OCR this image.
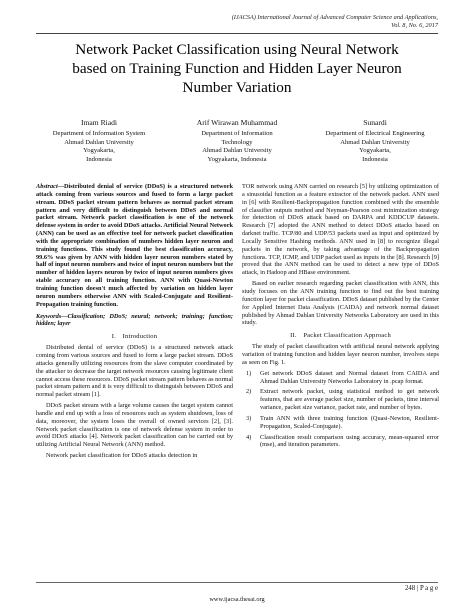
(IJACSA) International Journal of Advanced Computer Science and Applications,
Vol. 8, No. 6, 2017
Network Packet Classification using Neural Network
based on Training Function and Hidden Layer Neuron
Number Variation
Imam Riadi
Department of Information System
Ahmad Dahlan University
Yogyakarta,
Indonesia
Arif Wirawan Muhammad
Department of Information
Technology
Ahmad Dahlan University
Yogyakarta, Indonesia
Sunardi
Department of Electrical Engineering
Ahmad Dahlan University
Yogyakarta,
Indonesia

Abstract—Distributed denial of service (DDoS) is a structured network attack coming from various sources and fused to form a large packet stream. DDoS packet stream pattern behaves as normal packet stream pattern and very difficult to distinguish between DDoS and normal packet stream. Network packet classification is one of the network defense system in order to avoid DDoS attacks. Artificial Neural Network (ANN) can be used as an effective tool for network packet classification with the appropriate combination of numbers hidden layer neuron and training functions. This study found the best classification accuracy, 99.6% was given by ANN with hidden layer neuron numbers stated by half of input neuron numbers and twice of input neuron numbers but the number of hidden layers neuron by twice of input neuron numbers gives stable accuracy on all training function. ANN with Quasi-Newton training function doesn't much affected by variation on hidden layer neuron numbers otherwise ANN with Scaled-Conjugate and Resilient-Propagation training function.

Keywords—Classification; DDoS; neural; network; training; function; hidden; layer

I. Introduction

Distributed denial of service (DDoS) is a structured network attack coming from various sources and fused to form a large packet stream. DDoS attacks generally utilizing resources from the slave computer coordinated by the attacker to decrease the target network resources causing legitimate client cannot access these resources. DDoS packet stream pattern behaves as normal packet stream pattern and it is very difficult to distinguish between DDoS and normal packet stream [1].

DDoS packet stream with a large volume causes the target system cannot handle and end up with a loss of resources such as system shutdown, loss of data, moreover, the system loses the overall of owned services [2], [3]. Network packet classification is one of network defense system in order to avoid DDoS attacks [4]. Network packet classification can be carried out by utilizing Artificial Neural Network (ANN) method.

Network packet classification for DDoS attacks detection in

TOR network using ANN carried on research [5] by utilizing optimization of a sinusoidal function as a feature extractor of the network packet. ANN used in [6] with Resilient-Backpropagation function combined with the ensemble of classifier outputs method and Neyman-Pearson cost minimization strategy for detection of DDoS attack based on DARPA and KDDCUP datasets. Research [7] adopted the ANN method to detect DDoS attacks based on darknet traffic. TCP/80 and UDP/53 packets used as input and optimized by Locally Sensitive Hashing methods. ANN used in [8] to recognize illegal packets in the network, by taking advantage of the Backpropagation functions. TCP, ICMP, and UDP packet used as inputs in the [8]. Research [9] proved that the ANN method can be used to detect a new type of DDoS attack, in Hadoop and HBase environment.

Based on earlier research regarding packet classification with ANN, this study focuses on the ANN training function to find out the best training function layer for packet classification. DDoS dataset published by the Center for Applied Internet Data Analysis (CAIDA) and network normal dataset published by Ahmad Dahlan University Networks Laboratory are used in this study.

II. Packet Classification Approach

The study of packet classification with artificial neural network applying variation of training function and hidden layer neuron number, involves steps as seen on Fig. 1.

1) Get network DDoS dataset and Normal dataset from CAIDA and Ahmad Dahlan University Networks Laboratory in .pcap format.
2) Extract network packet, using statistical method to get network features, that are average packet size, number of packets, time interval variance, packet size variance, packet rate, and number of bytes.
3) Train ANN with three training function (Quasi-Newton, Resilient-Propagation, Scaled-Conjugate).
4) Classification result comparison using accuracy, mean-squared error (mse), and iteration parameters.
248 | P a g e
www.ijacsa.thesai.org
